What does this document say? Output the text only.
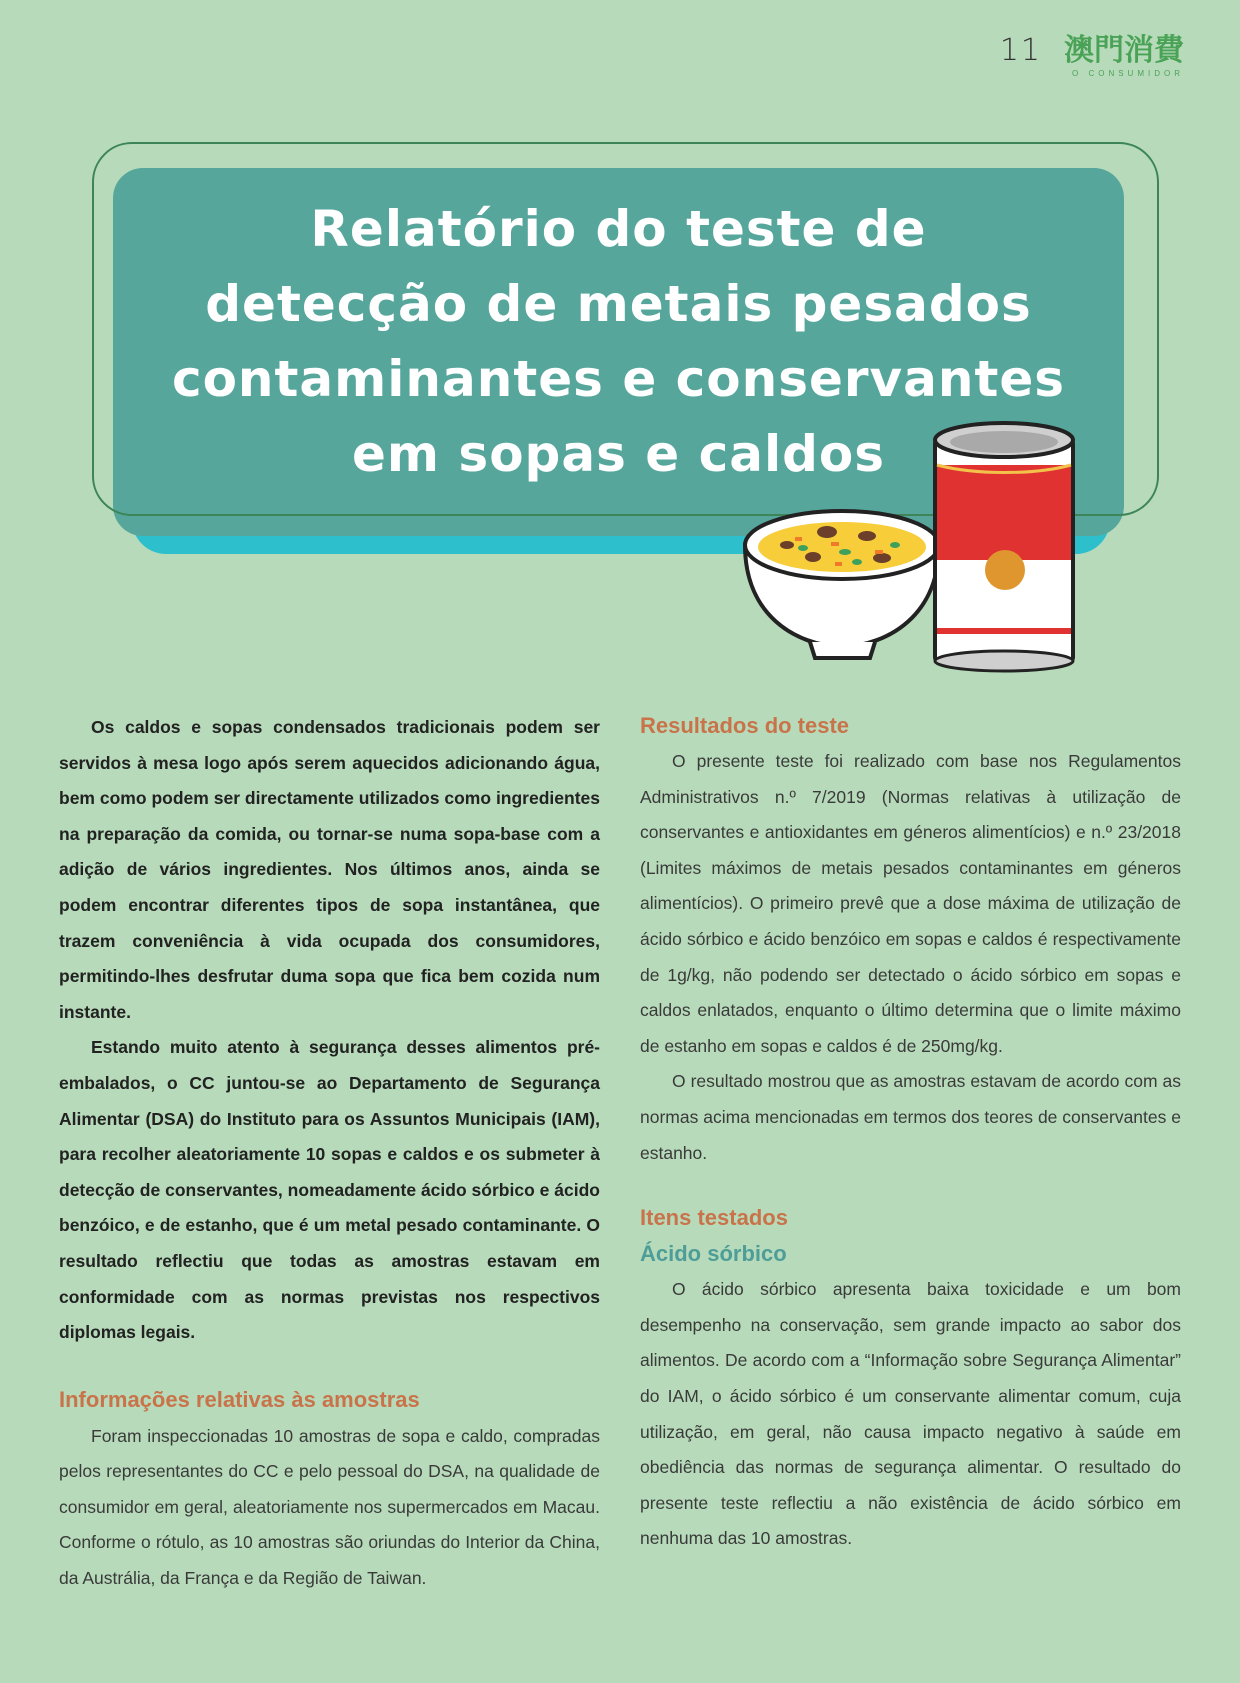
11 澳門消費
O CONSUMIDOR
Relatório do teste de
detecção de metais pesados
contaminantes e conservantes
em sopas e caldos

Os caldos e sopas condensados tradicionais podem ser servidos à mesa logo após serem aquecidos adicionando água, bem como podem ser directamente utilizados como ingredientes na preparação da comida, ou tornar-se numa sopa-base com a adição de vários ingredientes. Nos últimos anos, ainda se podem encontrar diferentes tipos de sopa instantânea, que trazem conveniência à vida ocupada dos consumidores, permitindo-lhes desfrutar duma sopa que fica bem cozida num instante.

Estando muito atento à segurança desses alimentos pré-embalados, o CC juntou-se ao Departamento de Segurança Alimentar (DSA) do Instituto para os Assuntos Municipais (IAM), para recolher aleatoriamente 10 sopas e caldos e os submeter à detecção de conservantes, nomeadamente ácido sórbico e ácido benzóico, e de estanho, que é um metal pesado contaminante. O resultado reflectiu que todas as amostras estavam em conformidade com as normas previstas nos respectivos diplomas legais.

Informações relativas às amostras

Foram inspeccionadas 10 amostras de sopa e caldo, compradas pelos representantes do CC e pelo pessoal do DSA, na qualidade de consumidor em geral, aleatoriamente nos supermercados em Macau. Conforme o rótulo, as 10 amostras são oriundas do Interior da China, da Austrália, da França e da Região de Taiwan.

Resultados do teste

O presente teste foi realizado com base nos Regulamentos Administrativos n.º 7/2019 (Normas relativas à utilização de conservantes e antioxidantes em géneros alimentícios) e n.º 23/2018 (Limites máximos de metais pesados contaminantes em géneros alimentícios). O primeiro prevê que a dose máxima de utilização de ácido sórbico e ácido benzóico em sopas e caldos é respectivamente de 1g/kg, não podendo ser detectado o ácido sórbico em sopas e caldos enlatados, enquanto o último determina que o limite máximo de estanho em sopas e caldos é de 250mg/kg.

O resultado mostrou que as amostras estavam de acordo com as normas acima mencionadas em termos dos teores de conservantes e estanho.

Itens testados
Ácido sórbico

O ácido sórbico apresenta baixa toxicidade e um bom desempenho na conservação, sem grande impacto ao sabor dos alimentos. De acordo com a “Informação sobre Segurança Alimentar” do IAM, o ácido sórbico é um conservante alimentar comum, cuja utilização, em geral, não causa impacto negativo à saúde em obediência das normas de segurança alimentar. O resultado do presente teste reflectiu a não existência de ácido sórbico em nenhuma das 10 amostras.
